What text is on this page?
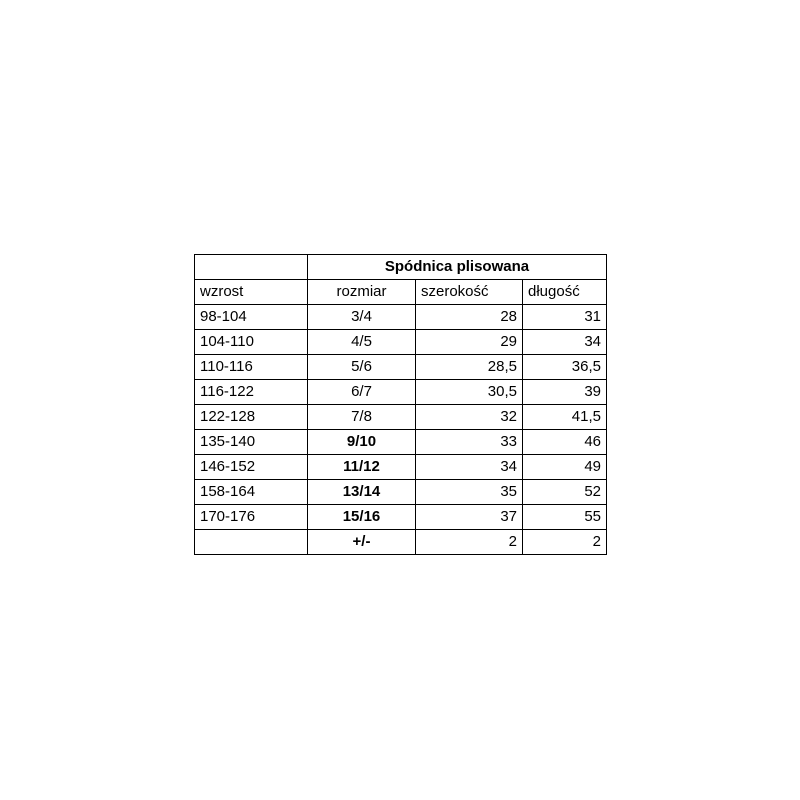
	Spódnica plisowana		
wzrost	rozmiar	szerokość	długość
98-104	3/4	28	31
104-110	4/5	29	34
110-116	5/6	28,5	36,5
116-122	6/7	30,5	39
122-128	7/8	32	41,5
135-140	9/10	33	46
146-152	11/12	34	49
158-164	13/14	35	52
170-176	15/16	37	55
	+/-	2	2
